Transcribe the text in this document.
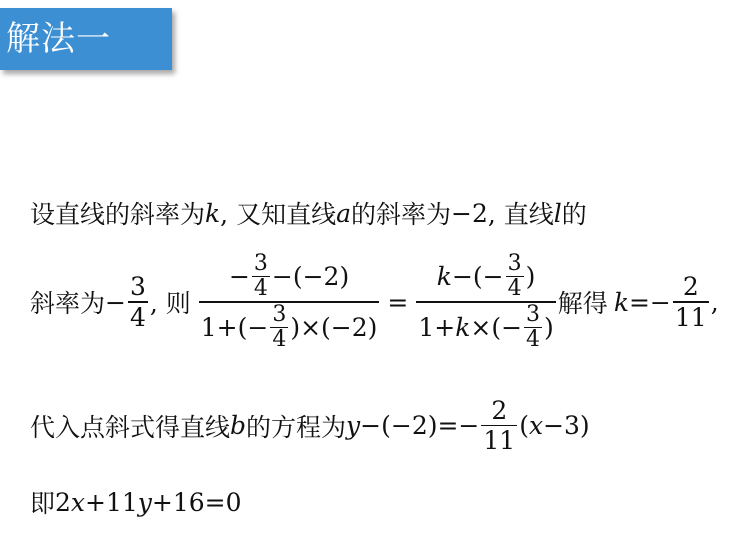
解法一
设直线的斜率为 k , 又知直线 a 的斜率为 −2 , 直线 l 的
斜率为 − $\frac{3}{4}$ , 则 $\frac{- \frac{3}{4} -(-2)}{1+(- \frac{3}{4} )\times(-2)}$ =
k −(− $\frac{3}{4}$ )
1+ k ×(− $\frac{3}{4}$ )
解得 $k =- \frac{2}{11}$ ,
代入点斜式得直线 b 的方程为 $y -(-2)=- \frac{2}{11}$ ( x −3)
即 2 x +11 y +16=0
